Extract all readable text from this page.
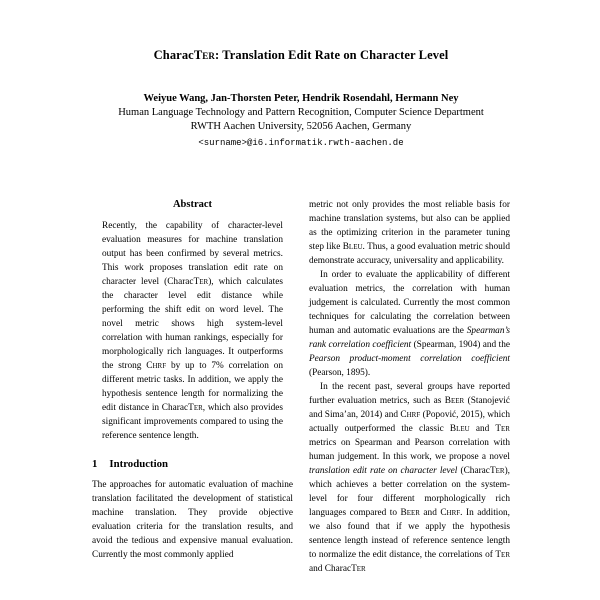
CharacTer: Translation Edit Rate on Character Level
Weiyue Wang, Jan-Thorsten Peter, Hendrik Rosendahl, Hermann Ney
Human Language Technology and Pattern Recognition, Computer Science Department
RWTH Aachen University, 52056 Aachen, Germany
<surname>@i6.informatik.rwth-aachen.de
Abstract

Recently, the capability of character-level evaluation measures for machine translation output has been confirmed by several metrics. This work proposes translation edit rate on character level (CharacTer), which calculates the character level edit distance while performing the shift edit on word level. The novel metric shows high system-level correlation with human rankings, especially for morphologically rich languages. It outperforms the strong Chrf by up to 7% correlation on different metric tasks. In addition, we apply the hypothesis sentence length for normalizing the edit distance in CharacTer, which also provides significant improvements compared to using the reference sentence length.

1 Introduction

The approaches for automatic evaluation of machine translation facilitated the development of statistical machine translation. They provide objective evaluation criteria for the translation results, and avoid the tedious and expensive manual evaluation. Currently the most commonly applied

metric not only provides the most reliable basis for machine translation systems, but also can be applied as the optimizing criterion in the parameter tuning step like Bleu. Thus, a good evaluation metric should demonstrate accuracy, universality and applicability.

In order to evaluate the applicability of different evaluation metrics, the correlation with human judgement is calculated. Currently the most common techniques for calculating the correlation between human and automatic evaluations are the Spearman’s rank correlation coefficient (Spearman, 1904) and the Pearson product-moment correlation coefficient (Pearson, 1895).

In the recent past, several groups have reported further evaluation metrics, such as Beer (Stanojević and Sima’an, 2014) and Chrf (Popović, 2015), which actually outperformed the classic Bleu and Ter metrics on Spearman and Pearson correlation with human judgement. In this work, we propose a novel translation edit rate on character level (CharacTer), which achieves a better correlation on the system-level for four different morphologically rich languages compared to Beer and Chrf. In addition, we also found that if we apply the hypothesis sentence length instead of reference sentence length to normalize the edit distance, the correlations of Ter and CharacTer
